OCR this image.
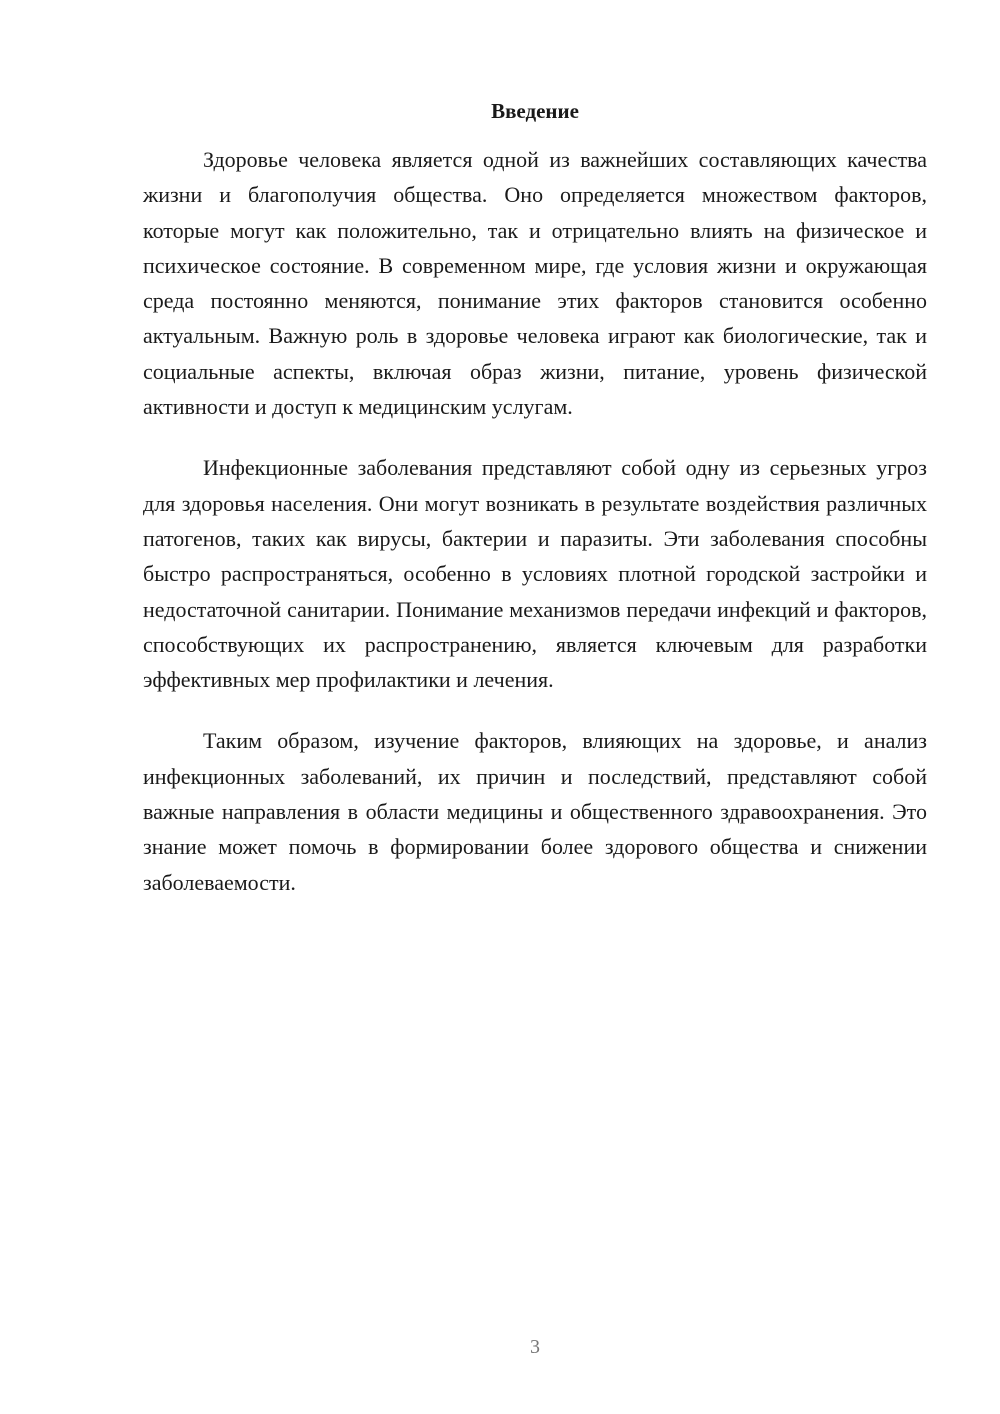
Введение

Здоровье человека является одной из важнейших составляющих качества жизни и благополучия общества. Оно определяется множеством факторов, которые могут как положительно, так и отрицательно влиять на физическое и психическое состояние. В современном мире, где условия жизни и окружающая среда постоянно меняются, понимание этих факторов становится особенно актуальным. Важную роль в здоровье человека играют как биологические, так и социальные аспекты, включая образ жизни, питание, уровень физической активности и доступ к медицинским услугам.

Инфекционные заболевания представляют собой одну из серьезных угроз для здоровья населения. Они могут возникать в результате воздействия различных патогенов, таких как вирусы, бактерии и паразиты. Эти заболевания способны быстро распространяться, особенно в условиях плотной городской застройки и недостаточной санитарии. Понимание механизмов передачи инфекций и факторов, способствующих их распространению, является ключевым для разработки эффективных мер профилактики и лечения.

Таким образом, изучение факторов, влияющих на здоровье, и анализ инфекционных заболеваний, их причин и последствий, представляют собой важные направления в области медицины и общественного здравоохранения. Это знание может помочь в формировании более здорового общества и снижении заболеваемости.

3
